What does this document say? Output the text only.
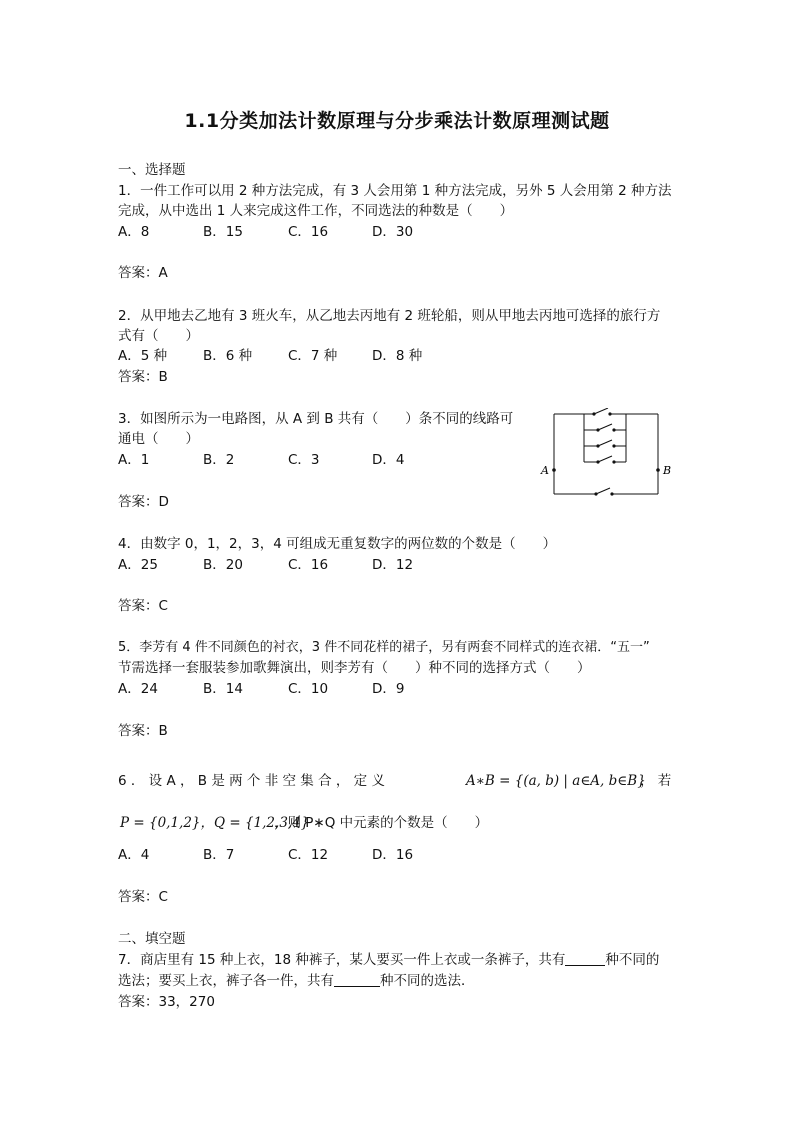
1.1分类加法计数原理与分步乘法计数原理测试题
一、选择题
1．一件工作可以用 2 种方法完成，有 3 人会用第 1 种方法完成，另外 5 人会用第 2 种方法
完成，从中选出 1 人来完成这件工作，不同选法的种数是（　　）
A．8	B．15	C．16	D．30
答案：A
2．从甲地去乙地有 3 班火车，从乙地去丙地有 2 班轮船，则从甲地去丙地可选择的旅行方
式有（　　）
A．5 种	B．6 种	C．7 种	D．8 种
答案：B
3．如图所示为一电路图，从 A 到 B 共有（　　）条不同的线路可
通电（　　）
A．1	B．2	C．3	D．4
答案：D
A	B
4．由数字 0，1，2，3，4 可组成无重复数字的两位数的个数是（　　）
A．25	B．20	C．16	D．12
答案：C
5．李芳有 4 件不同颜色的衬衣，3 件不同花样的裙子，另有两套不同样式的连衣裙．“五一”
节需选择一套服装参加歌舞演出，则李芳有（　　）种不同的选择方式（　　）
A．24	B．14	C．10	D．9
答案：B
6 ． 设 A ， B 是 两 个 非 空 集 合 ， 定 义	A∗B = {(a, b) | a∈A, b∈B}
， 若
P = {0,1,2}，Q = {1,2,3,4}
，则 P∗Q 中元素的个数是（　　）
A．4	B．7	C．12	D．16
答案：C
二、填空题
7．商店里有 15 种上衣，18 种裤子，某人要买一件上衣或一条裤子，共有	种不同的
选法；要买上衣，裤子各一件，共有	种不同的选法．
答案：33，270
